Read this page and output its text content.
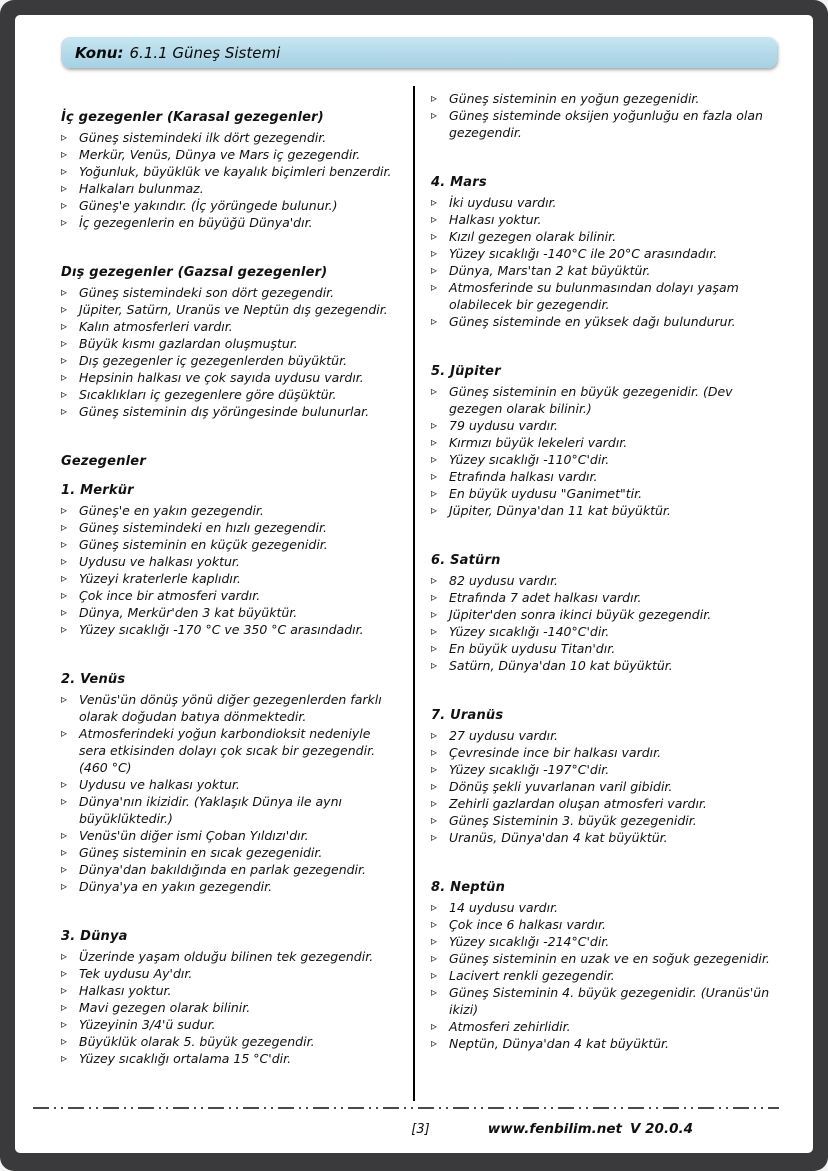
Konu: 6.1.1 Güneş Sistemi
İç gezegenler (Karasal gezegenler)
▹ Güneş sistemindeki ilk dört gezegendir.
▹ Merkür, Venüs, Dünya ve Mars iç gezegendir.
▹ Yoğunluk, büyüklük ve kayalık biçimleri benzerdir.
▹ Halkaları bulunmaz.
▹ Güneş'e yakındır. (İç yörüngede bulunur.)
▹ İç gezegenlerin en büyüğü Dünya'dır.
Dış gezegenler (Gazsal gezegenler)
▹ Güneş sistemindeki son dört gezegendir.
▹ Jüpiter, Satürn, Uranüs ve Neptün dış gezegendir.
▹ Kalın atmosferleri vardır.
▹ Büyük kısmı gazlardan oluşmuştur.
▹ Dış gezegenler iç gezegenlerden büyüktür.
▹ Hepsinin halkası ve çok sayıda uydusu vardır.
▹ Sıcaklıkları iç gezegenlere göre düşüktür.
▹ Güneş sisteminin dış yörüngesinde bulunurlar.
Gezegenler
1. Merkür
▹ Güneş'e en yakın gezegendir.
▹ Güneş sistemindeki en hızlı gezegendir.
▹ Güneş sisteminin en küçük gezegenidir.
▹ Uydusu ve halkası yoktur.
▹ Yüzeyi kraterlerle kaplıdır.
▹ Çok ince bir atmosferi vardır.
▹ Dünya, Merkür'den 3 kat büyüktür.
▹ Yüzey sıcaklığı -170 °C ve 350 °C arasındadır.
2. Venüs
▹ Venüs'ün dönüş yönü diğer gezegenlerden farklı olarak doğudan batıya dönmektedir.
▹ Atmosferindeki yoğun karbondioksit nedeniyle sera etkisinden dolayı çok sıcak bir gezegendir. (460 °C)
▹ Uydusu ve halkası yoktur.
▹ Dünya'nın ikizidir. (Yaklaşık Dünya ile aynı büyüklüktedir.)
▹ Venüs'ün diğer ismi Çoban Yıldızı'dır.
▹ Güneş sisteminin en sıcak gezegenidir.
▹ Dünya'dan bakıldığında en parlak gezegendir.
▹ Dünya'ya en yakın gezegendir.
3. Dünya
▹ Üzerinde yaşam olduğu bilinen tek gezegendir.
▹ Tek uydusu Ay'dır.
▹ Halkası yoktur.
▹ Mavi gezegen olarak bilinir.
▹ Yüzeyinin 3/4'ü sudur.
▹ Büyüklük olarak 5. büyük gezegendir.
▹ Yüzey sıcaklığı ortalama 15 °C'dir.
▹ Güneş sisteminin en yoğun gezegenidir.
▹ Güneş sisteminde oksijen yoğunluğu en fazla olan gezegendir.
4. Mars
▹ İki uydusu vardır.
▹ Halkası yoktur.
▹ Kızıl gezegen olarak bilinir.
▹ Yüzey sıcaklığı -140°C ile 20°C arasındadır.
▹ Dünya, Mars'tan 2 kat büyüktür.
▹ Atmosferinde su bulunmasından dolayı yaşam olabilecek bir gezegendir.
▹ Güneş sisteminde en yüksek dağı bulundurur.
5. Jüpiter
▹ Güneş sisteminin en büyük gezegenidir. (Dev gezegen olarak bilinir.)
▹ 79 uydusu vardır.
▹ Kırmızı büyük lekeleri vardır.
▹ Yüzey sıcaklığı -110°C'dir.
▹ Etrafında halkası vardır.
▹ En büyük uydusu "Ganimet"tir.
▹ Jüpiter, Dünya'dan 11 kat büyüktür.
6. Satürn
▹ 82 uydusu vardır.
▹ Etrafında 7 adet halkası vardır.
▹ Jüpiter'den sonra ikinci büyük gezegendir.
▹ Yüzey sıcaklığı -140°C'dir.
▹ En büyük uydusu Titan'dır.
▹ Satürn, Dünya'dan 10 kat büyüktür.
7. Uranüs
▹ 27 uydusu vardır.
▹ Çevresinde ince bir halkası vardır.
▹ Yüzey sıcaklığı -197°C'dir.
▹ Dönüş şekli yuvarlanan varil gibidir.
▹ Zehirli gazlardan oluşan atmosferi vardır.
▹ Güneş Sisteminin 3. büyük gezegenidir.
▹ Uranüs, Dünya'dan 4 kat büyüktür.
8. Neptün
▹ 14 uydusu vardır.
▹ Çok ince 6 halkası vardır.
▹ Yüzey sıcaklığı -214°C'dir.
▹ Güneş sisteminin en uzak ve en soğuk gezegenidir.
▹ Lacivert renkli gezegendir.
▹ Güneş Sisteminin 4. büyük gezegenidir. (Uranüs'ün ikizi)
▹ Atmosferi zehirlidir.
▹ Neptün, Dünya'dan 4 kat büyüktür.
[3]	www.fenbilim.net V 20.0.4
